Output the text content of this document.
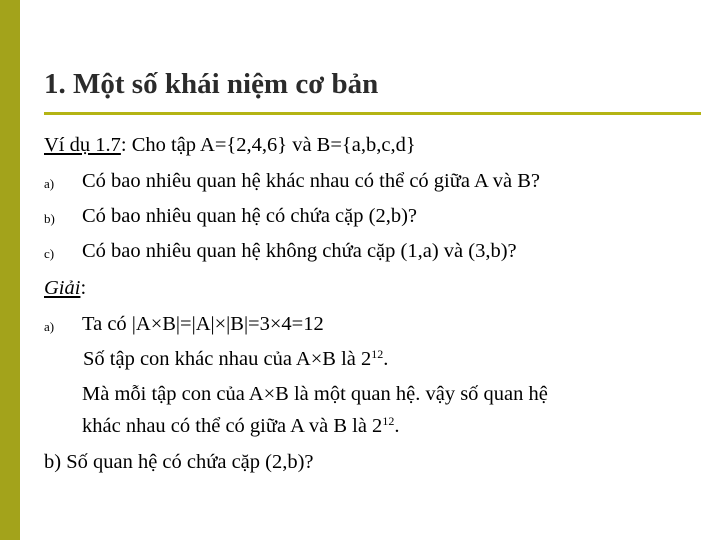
1. Một số khái niệm cơ bản
Ví dụ 1.7: Cho tập A={2,4,6} và B={a,b,c,d}
a) Có bao nhiêu quan hệ khác nhau có thể có giữa A và B?
b) Có bao nhiêu quan hệ có chứa cặp (2,b)?
c) Có bao nhiêu quan hệ không chứa cặp (1,a) và (3,b)?
Giải:
a) Ta có |A×B|=|A|×|B|=3×4=12
Số tập con khác nhau của A×B là $2^{12}$.
Mà mỗi tập con của A×B là một quan hệ. vậy số quan hệ
khác nhau có thể có giữa A và B là $2^{12}$.
b) Số quan hệ có chứa cặp (2,b)?
